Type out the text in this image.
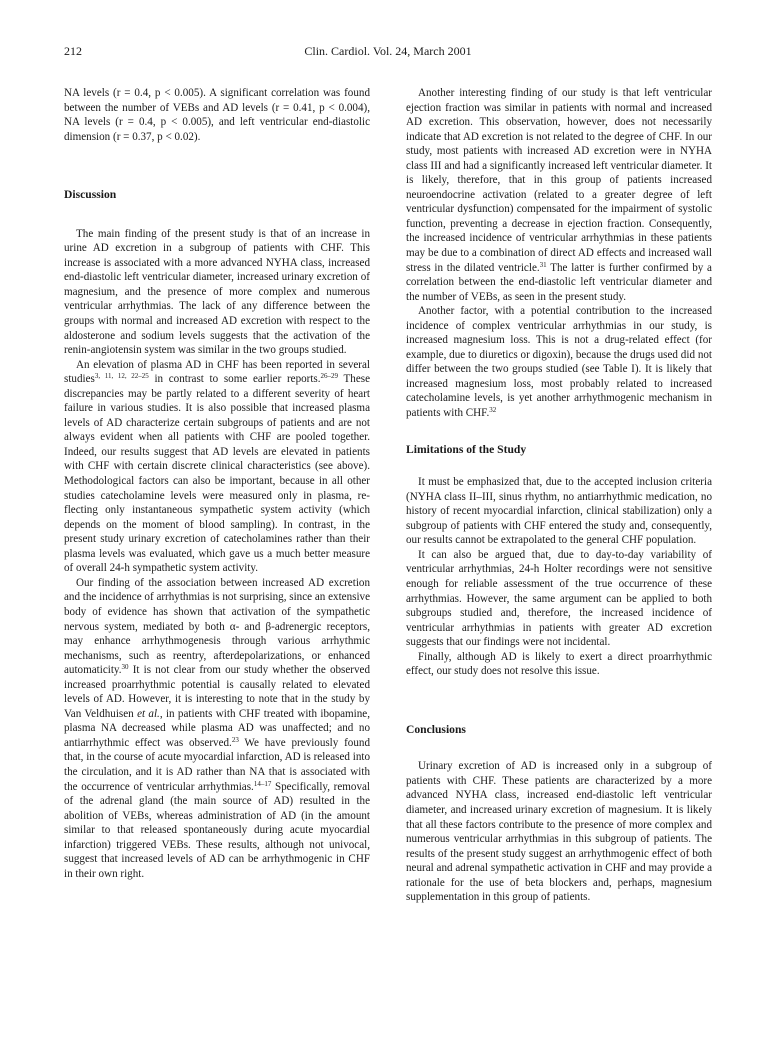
212	Clin. Cardiol. Vol. 24, March 2001

NA levels (r = 0.4, p < 0.005). A significant correlation was found between the number of VEBs and AD levels (r = 0.41, p < 0.004), NA levels (r = 0.4, p < 0.005), and left ventricular end-diastolic dimension (r = 0.37, p < 0.02).

Discussion

The main finding of the present study is that of an increase in urine AD excretion in a subgroup of patients with CHF. This increase is associated with a more advanced NYHA class, increased end-diastolic left ventricular diameter, increased urinary excretion of magnesium, and the presence of more complex and numerous ventricular arrhythmias. The lack of any difference between the groups with normal and increased AD excretion with respect to the aldosterone and sodium levels suggests that the activation of the renin-angiotensin system was similar in the two groups studied.

An elevation of plasma AD in CHF has been reported in several studies$^{3, 11, 12, 22-25}$ in contrast to some earlier reports.$^{26-29}$ These discrepancies may be partly related to a different severity of heart failure in various studies. It is also possible that increased plasma levels of AD characterize certain subgroups of patients and are not always evident when all patients with CHF are pooled together. Indeed, our results suggest that AD levels are elevated in patients with CHF with certain discrete clinical characteristics (see above). Methodological factors can also be important, because in all other studies catecholamine levels were measured only in plasma, reflecting only instantaneous sympathetic system activity (which depends on the moment of blood sampling). In contrast, in the present study urinary excretion of catecholamines rather than their plasma levels was evaluated, which gave us a much better measure of overall 24-h sympathetic system activity.

Our finding of the association between increased AD excretion and the incidence of arrhythmias is not surprising, since an extensive body of evidence has shown that activation of the sympathetic nervous system, mediated by both α- and β-adrenergic receptors, may enhance arrhythmogenesis through various arrhythmic mechanisms, such as reentry, afterdepolarizations, or enhanced automaticity.$^{30}$ It is not clear from our study whether the observed increased proarrhythmic potential is causally related to elevated levels of AD. However, it is interesting to note that in the study by Van Veldhuisen et al., in patients with CHF treated with ibopamine, plasma NA decreased while plasma AD was unaffected; and no antiarrhythmic effect was observed.$^{23}$ We have previously found that, in the course of acute myocardial infarction, AD is released into the circulation, and it is AD rather than NA that is associated with the occurrence of ventricular arrhythmias.$^{14-17}$ Specifically, removal of the adrenal gland (the main source of AD) resulted in the abolition of VEBs, whereas administration of AD (in the amount similar to that released spontaneously during acute myocardial infarction) triggered VEBs. These results, although not univocal, suggest that increased levels of AD can be arrhythmogenic in CHF in their own right.

Another interesting finding of our study is that left ventricular ejection fraction was similar in patients with normal and increased AD excretion. This observation, however, does not necessarily indicate that AD excretion is not related to the degree of CHF. In our study, most patients with increased AD excretion were in NYHA class III and had a significantly increased left ventricular diameter. It is likely, therefore, that in this group of patients increased neuroendocrine activation (related to a greater degree of left ventricular dysfunction) compensated for the impairment of systolic function, preventing a decrease in ejection fraction. Consequently, the increased incidence of ventricular arrhythmias in these patients may be due to a combination of direct AD effects and increased wall stress in the dilated ventricle.$^{31}$ The latter is further confirmed by a correlation between the end-diastolic left ventricular diameter and the number of VEBs, as seen in the present study.

Another factor, with a potential contribution to the increased incidence of complex ventricular arrhythmias in our study, is increased magnesium loss. This is not a drug-related effect (for example, due to diuretics or digoxin), because the drugs used did not differ between the two groups studied (see Table I). It is likely that increased magnesium loss, most probably related to increased catecholamine levels, is yet another arrhythmogenic mechanism in patients with CHF.$^{32}$

Limitations of the Study

It must be emphasized that, due to the accepted inclusion criteria (NYHA class II–III, sinus rhythm, no antiarrhythmic medication, no history of recent myocardial infarction, clinical stabilization) only a subgroup of patients with CHF entered the study and, consequently, our results cannot be extrapolated to the general CHF population.

It can also be argued that, due to day-to-day variability of ventricular arrhythmias, 24-h Holter recordings were not sensitive enough for reliable assessment of the true occurrence of these arrhythmias. However, the same argument can be applied to both subgroups studied and, therefore, the increased incidence of ventricular arrhythmias in patients with greater AD excretion suggests that our findings were not incidental.

Finally, although AD is likely to exert a direct proarrhythmic effect, our study does not resolve this issue.

Conclusions

Urinary excretion of AD is increased only in a subgroup of patients with CHF. These patients are characterized by a more advanced NYHA class, increased end-diastolic left ventricular diameter, and increased urinary excretion of magnesium. It is likely that all these factors contribute to the presence of more complex and numerous ventricular arrhythmias in this subgroup of patients. The results of the present study suggest an arrhythmogenic effect of both neural and adrenal sympathetic activation in CHF and may provide a rationale for the use of beta blockers and, perhaps, magnesium supplementation in this group of patients.
